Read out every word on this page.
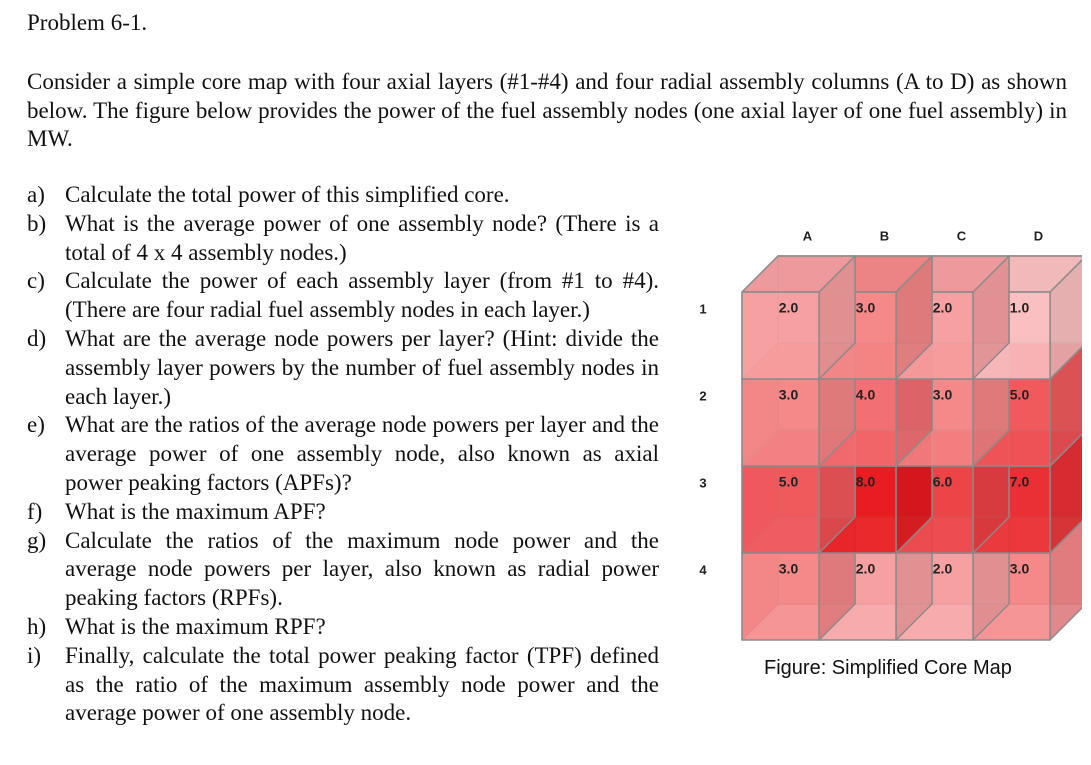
Problem 6-1.
Consider a simple core map with four axial layers (#1-#4) and four radial assembly columns (A to D) as shown below. The figure below provides the power of the fuel assembly nodes (one axial layer of one fuel assembly) in MW.
a) Calculate the total power of this simplified core.
b) What is the average power of one assembly node? (There is a total of 4 x 4 assembly nodes.)
c) Calculate the power of each assembly layer (from #1 to #4). (There are four radial fuel assembly nodes in each layer.)
d) What are the average node powers per layer? (Hint: divide the assembly layer powers by the number of fuel assembly nodes in each layer.)
e) What are the ratios of the average node powers per layer and the average power of one assembly node, also known as axial power peaking factors (APFs)?
f) What is the maximum APF?
g) Calculate the ratios of the maximum node power and the average node powers per layer, also known as radial power peaking factors (RPFs).
h) What is the maximum RPF?
i) Finally, calculate the total power peaking factor (TPF) defined as the ratio of the maximum assembly node power and the average power of one assembly node.
2.0	3.0	2.0	1.0
3.0	4.0	3.0	5.0
5.0	8.0	6.0	7.0
3.0	2.0	2.0	3.0
A	B	C	D
1
2
3
4
Figure: Simplified Core Map
